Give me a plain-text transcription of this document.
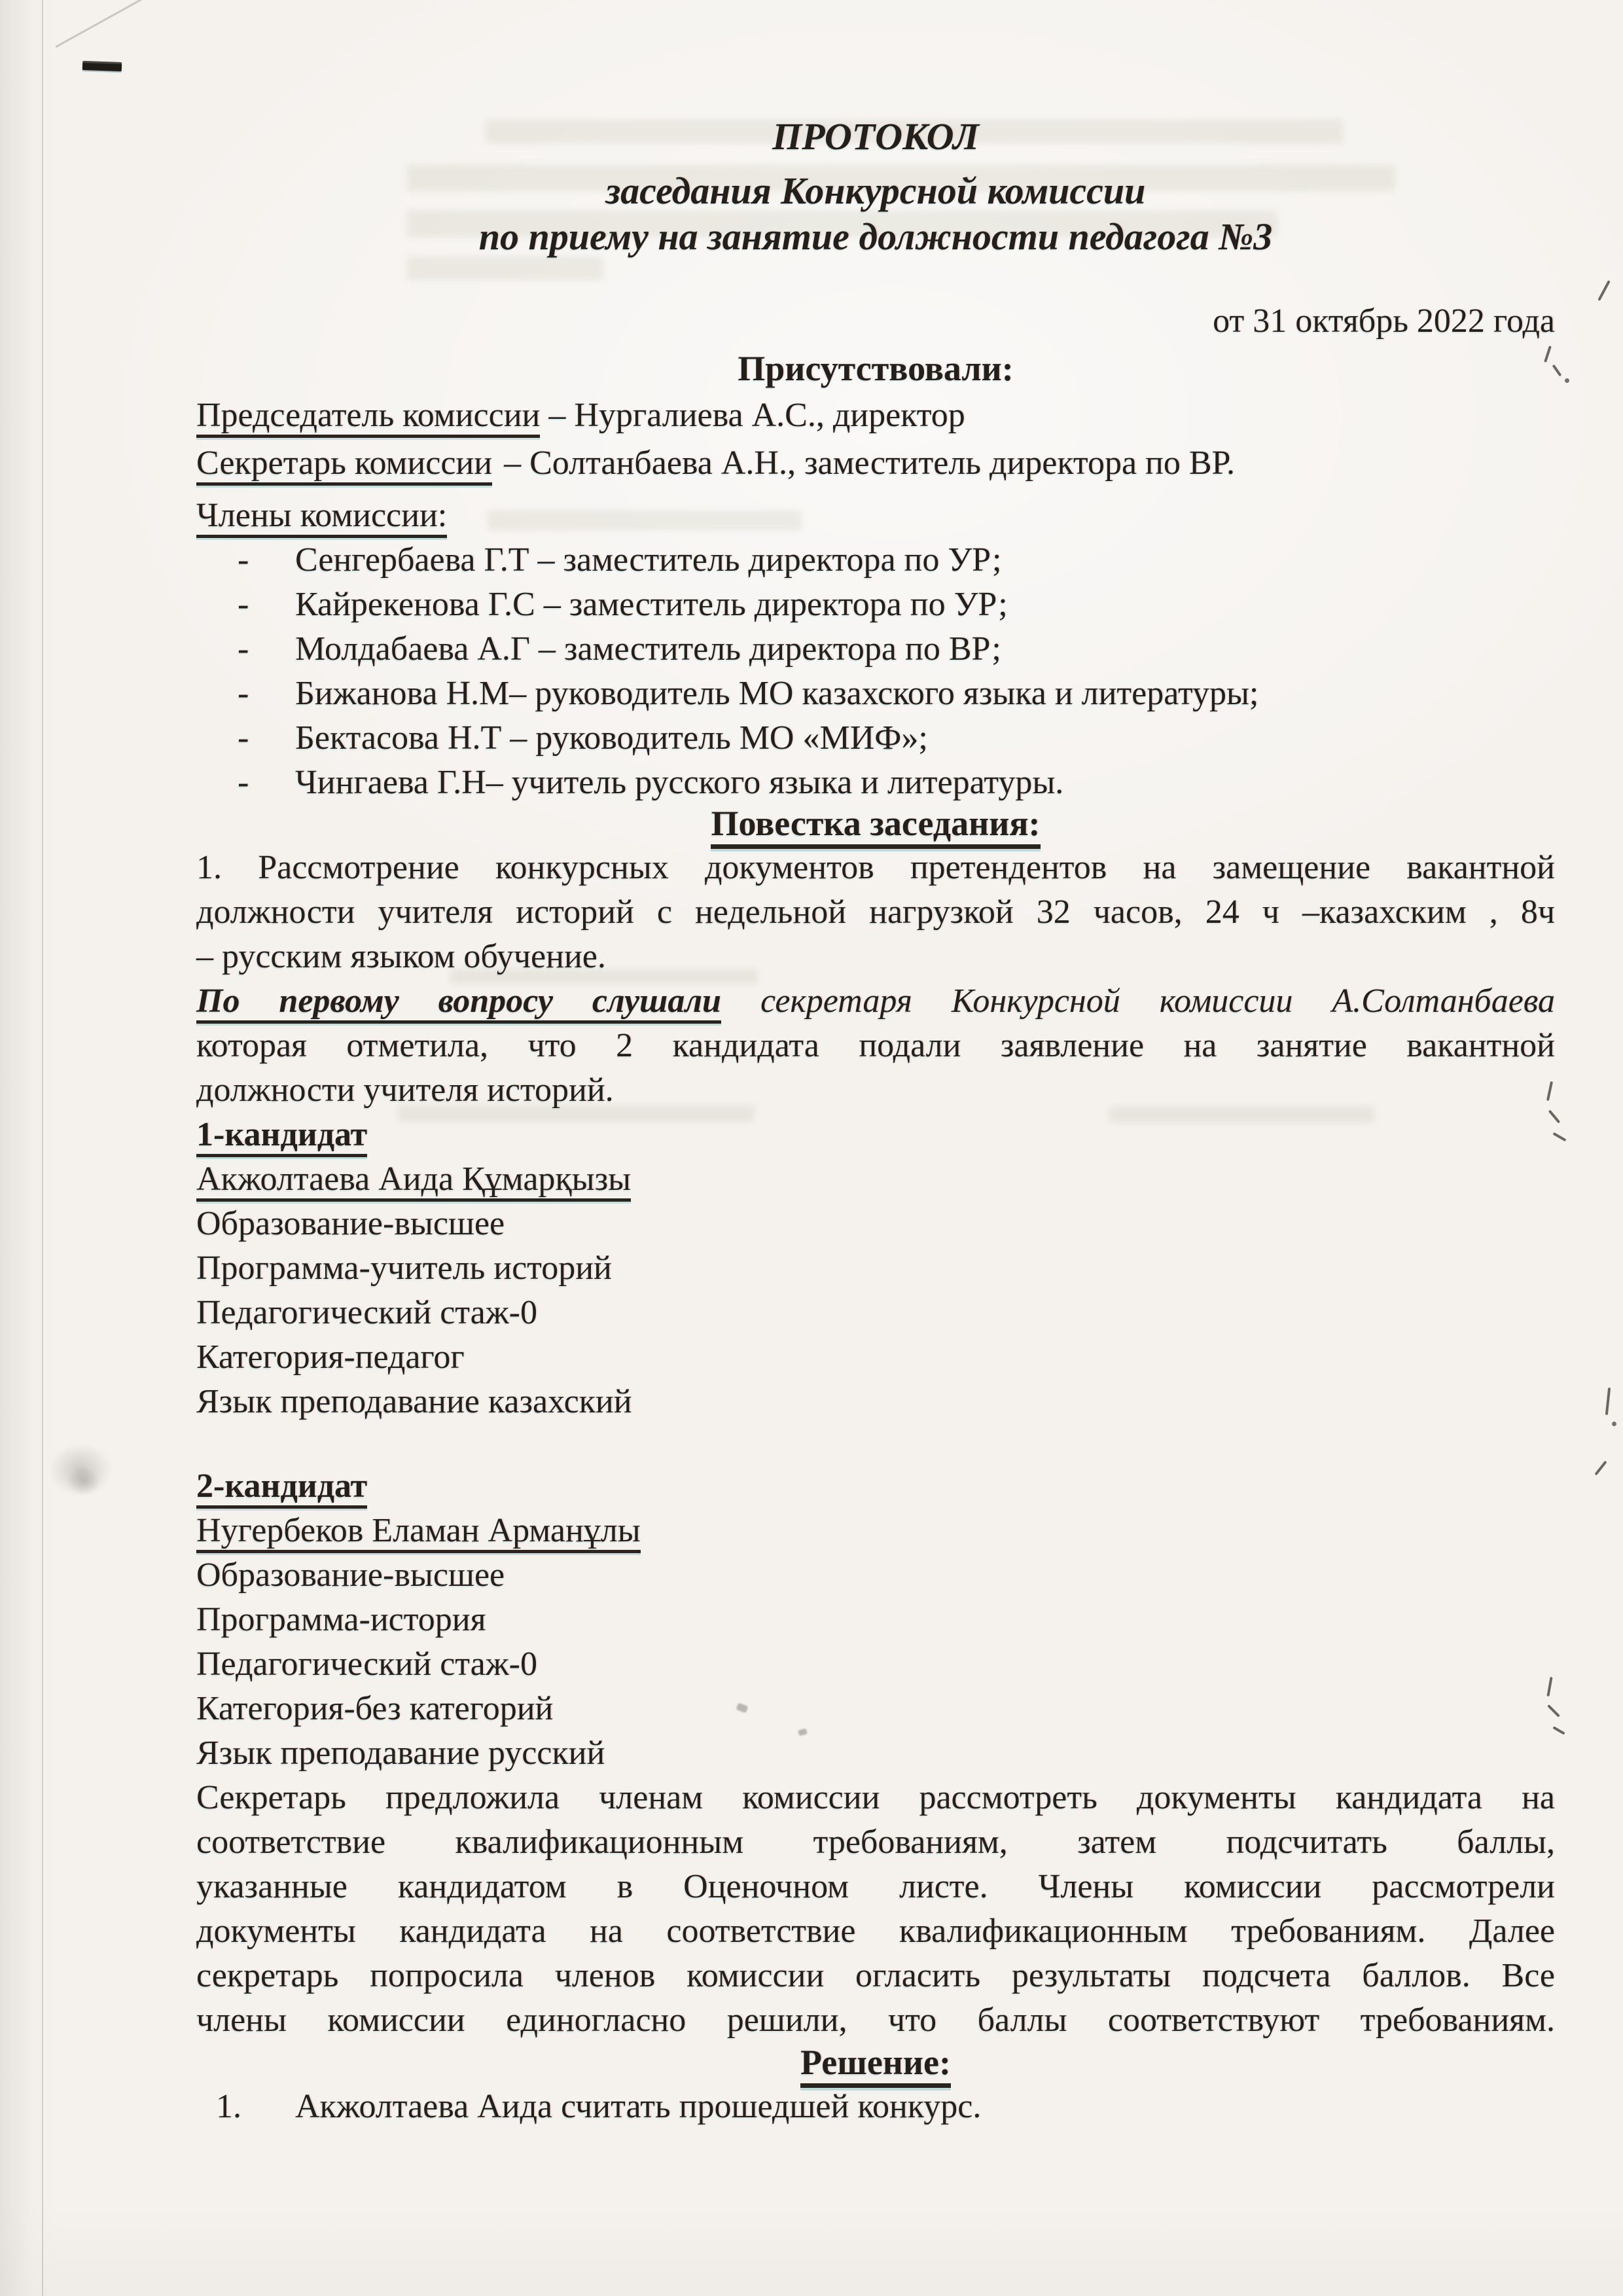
ПРОТОКОЛ
заседания Конкурсной комиссии
по приему на занятие должности педагога №3
от 31 октябрь 2022 года
Присутствовали:
Председатель комиссии – Нургалиева А.С., директор
Секретарь комиссии – Солтанбаева А.Н., заместитель директора по ВР.
Члены комиссии:
- Сенгербаева Г.Т – заместитель директора по УР;
- Кайрекенова Г.С – заместитель директора по УР;
- Молдабаева А.Г – заместитель директора по ВР;
- Бижанова Н.М– руководитель МО казахского языка и литературы;
- Бектасова Н.Т – руководитель МО «МИФ»;
- Чингаева Г.Н– учитель русского языка и литературы.
Повестка заседания:
1. Рассмотрение конкурсных документов претендентов на замещение вакантной
должности учителя историй с недельной нагрузкой 32 часов, 24 ч –казахским , 8ч
– русским языком обучение.
По первому вопросу слушали секретаря Конкурсной комиссии А.Солтанбаева
которая отметила, что 2 кандидата подали заявление на занятие вакантной
должности учителя историй.
1-кандидат
Акжолтаева Аида Құмарқызы
Образование-высшее
Программа-учитель историй
Педагогический стаж-0
Категория-педагог
Язык преподавание казахский
2-кандидат
Нугербеков Еламан Арманұлы
Образование-высшее
Программа-история
Педагогический стаж-0
Категория-без категорий
Язык преподавание русский
Секретарь предложила членам комиссии рассмотреть документы кандидата на
соответствие квалификационным требованиям, затем подсчитать баллы,
указанные кандидатом в Оценочном листе. Члены комиссии рассмотрели
документы кандидата на соответствие квалификационным требованиям. Далее
секретарь попросила членов комиссии огласить результаты подсчета баллов. Все
члены комиссии единогласно решили, что баллы соответствуют требованиям.
Решение:
1. Акжолтаева Аида считать прошедшей конкурс.
